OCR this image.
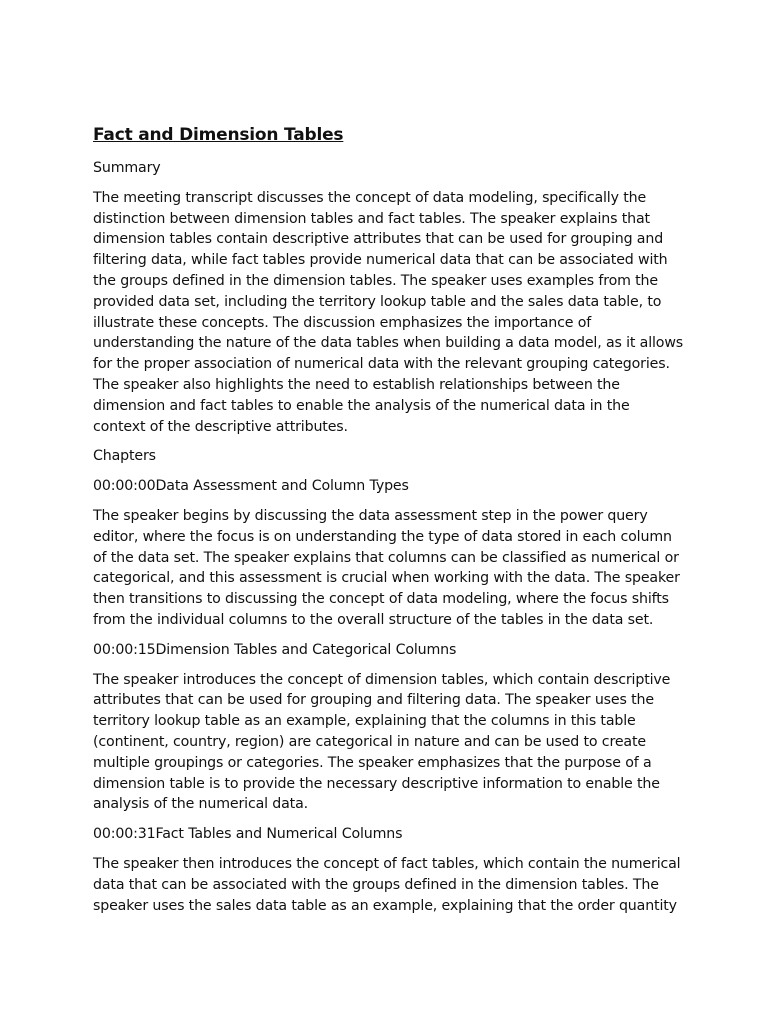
Fact and Dimension Tables

Summary

The meeting transcript discusses the concept of data modeling, specifically the distinction between dimension tables and fact tables. The speaker explains that dimension tables contain descriptive attributes that can be used for grouping and filtering data, while fact tables provide numerical data that can be associated with the groups defined in the dimension tables. The speaker uses examples from the provided data set, including the territory lookup table and the sales data table, to illustrate these concepts. The discussion emphasizes the importance of understanding the nature of the data tables when building a data model, as it allows for the proper association of numerical data with the relevant grouping categories. The speaker also highlights the need to establish relationships between the dimension and fact tables to enable the analysis of the numerical data in the context of the descriptive attributes.

Chapters

00:00:00Data Assessment and Column Types

The speaker begins by discussing the data assessment step in the power query editor, where the focus is on understanding the type of data stored in each column of the data set. The speaker explains that columns can be classified as numerical or categorical, and this assessment is crucial when working with the data. The speaker then transitions to discussing the concept of data modeling, where the focus shifts from the individual columns to the overall structure of the tables in the data set.

00:00:15Dimension Tables and Categorical Columns

The speaker introduces the concept of dimension tables, which contain descriptive attributes that can be used for grouping and filtering data. The speaker uses the territory lookup table as an example, explaining that the columns in this table (continent, country, region) are categorical in nature and can be used to create multiple groupings or categories. The speaker emphasizes that the purpose of a dimension table is to provide the necessary descriptive information to enable the analysis of the numerical data.

00:00:31Fact Tables and Numerical Columns

The speaker then introduces the concept of fact tables, which contain the numerical data that can be associated with the groups defined in the dimension tables. The speaker uses the sales data table as an example, explaining that the order quantity
